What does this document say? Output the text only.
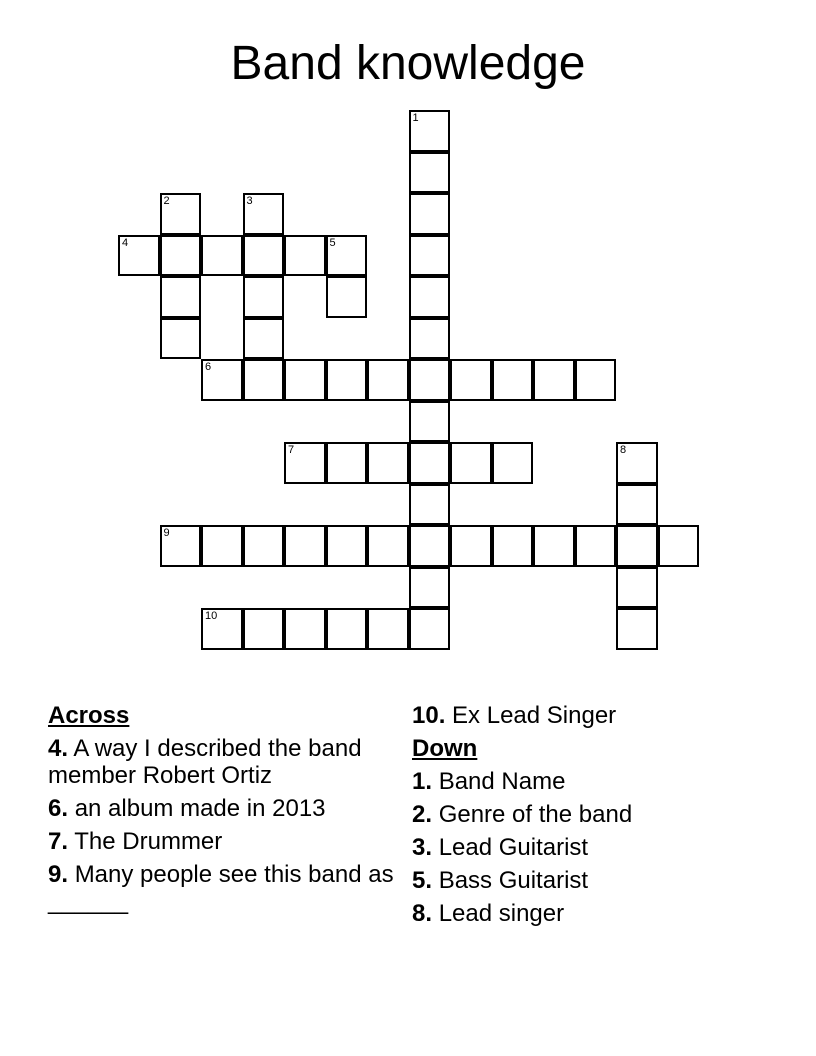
Band knowledge
1
2	3
4	5
6
7	8
9
10
Across
4. A way I described the band member Robert Ortiz
6. an album made in 2013
7. The Drummer
9. Many people see this band as ______
10. Ex Lead Singer
Down
1. Band Name
2. Genre of the band
3. Lead Guitarist
5. Bass Guitarist
8. Lead singer
